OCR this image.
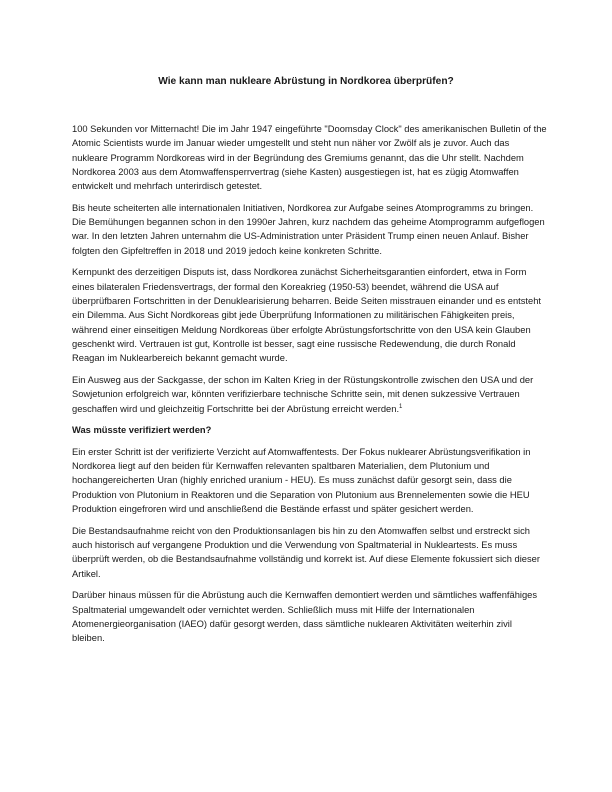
Wie kann man nukleare Abrüstung in Nordkorea überprüfen?

100 Sekunden vor Mitternacht! Die im Jahr 1947 eingeführte "Doomsday Clock" des amerikanischen Bulletin of the Atomic Scientists wurde im Januar wieder umgestellt und steht nun näher vor Zwölf als je zuvor. Auch das nukleare Programm Nordkoreas wird in der Begründung des Gremiums genannt, das die Uhr stellt. Nachdem Nordkorea 2003 aus dem Atomwaffensperrvertrag (siehe Kasten) ausgestiegen ist, hat es zügig Atomwaffen entwickelt und mehrfach unterirdisch getestet.

Bis heute scheiterten alle internationalen Initiativen, Nordkorea zur Aufgabe seines Atomprogramms zu bringen. Die Bemühungen begannen schon in den 1990er Jahren, kurz nachdem das geheime Atomprogramm aufgeflogen war. In den letzten Jahren unternahm die US-Administration unter Präsident Trump einen neuen Anlauf. Bisher folgten den Gipfeltreffen in 2018 und 2019 jedoch keine konkreten Schritte.

Kernpunkt des derzeitigen Disputs ist, dass Nordkorea zunächst Sicherheitsgarantien einfordert, etwa in Form eines bilateralen Friedensvertrags, der formal den Koreakrieg (1950-53) beendet, während die USA auf überprüfbaren Fortschritten in der Denuklearisierung beharren. Beide Seiten misstrauen einander und es entsteht ein Dilemma. Aus Sicht Nordkoreas gibt jede Überprüfung Informationen zu militärischen Fähigkeiten preis, während einer einseitigen Meldung Nordkoreas über erfolgte Abrüstungsfortschritte von den USA kein Glauben geschenkt wird. Vertrauen ist gut, Kontrolle ist besser, sagt eine russische Redewendung, die durch Ronald Reagan im Nuklearbereich bekannt gemacht wurde.

Ein Ausweg aus der Sackgasse, der schon im Kalten Krieg in der Rüstungskontrolle zwischen den USA und der Sowjetunion erfolgreich war, könnten verifizierbare technische Schritte sein, mit denen sukzessive Vertrauen geschaffen wird und gleichzeitig Fortschritte bei der Abrüstung erreicht werden.$^1$

Was müsste verifiziert werden?

Ein erster Schritt ist der verifizierte Verzicht auf Atomwaffentests. Der Fokus nuklearer Abrüstungsverifikation in Nordkorea liegt auf den beiden für Kernwaffen relevanten spaltbaren Materialien, dem Plutonium und hochangereicherten Uran (highly enriched uranium - HEU). Es muss zunächst dafür gesorgt sein, dass die Produktion von Plutonium in Reaktoren und die Separation von Plutonium aus Brennelementen sowie die HEU Produktion eingefroren wird und anschließend die Bestände erfasst und später gesichert werden.

Die Bestandsaufnahme reicht von den Produktionsanlagen bis hin zu den Atomwaffen selbst und erstreckt sich auch historisch auf vergangene Produktion und die Verwendung von Spaltmaterial in Nukleartests. Es muss überprüft werden, ob die Bestandsaufnahme vollständig und korrekt ist. Auf diese Elemente fokussiert sich dieser Artikel.

Darüber hinaus müssen für die Abrüstung auch die Kernwaffen demontiert werden und sämtliches waffenfähiges Spaltmaterial umgewandelt oder vernichtet werden. Schließlich muss mit Hilfe der Internationalen Atomenergieorganisation (IAEO) dafür gesorgt werden, dass sämtliche nuklearen Aktivitäten weiterhin zivil bleiben.
